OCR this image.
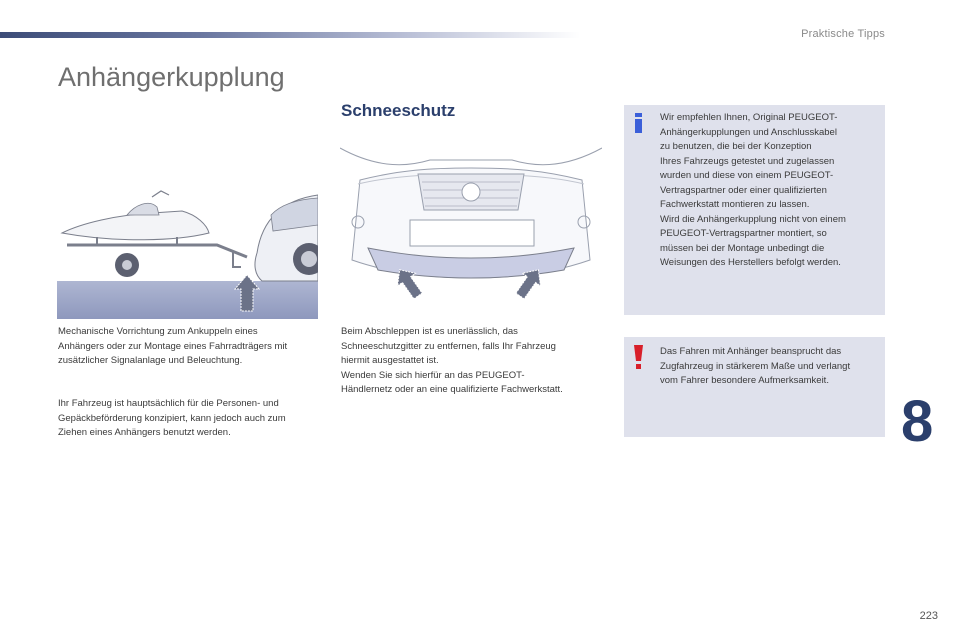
Praktische Tipps
Anhängerkupplung
Schneeschutz

Mechanische Vorrichtung zum Ankuppeln eines
Anhängers oder zur Montage eines Fahrradträgers mit
zusätzlicher Signalanlage und Beleuchtung.

Ihr Fahrzeug ist hauptsächlich für die Personen- und
Gepäckbeförderung konzipiert, kann jedoch auch zum
Ziehen eines Anhängers benutzt werden.

Beim Abschleppen ist es unerlässlich, das
Schneeschutzgitter zu entfernen, falls Ihr Fahrzeug
hiermit ausgestattet ist.
Wenden Sie sich hierfür an das PEUGEOT-
Händlernetz oder an eine qualifizierte Fachwerkstatt.

Wir empfehlen Ihnen, Original PEUGEOT-
Anhängerkupplungen und Anschlusskabel
zu benutzen, die bei der Konzeption
Ihres Fahrzeugs getestet und zugelassen
wurden und diese von einem PEUGEOT-
Vertragspartner oder einer qualifizierten
Fachwerkstatt montieren zu lassen.
Wird die Anhängerkupplung nicht von einem
PEUGEOT-Vertragspartner montiert, so
müssen bei der Montage unbedingt die
Weisungen des Herstellers befolgt werden.

Das Fahren mit Anhänger beansprucht das
Zugfahrzeug in stärkerem Maße und verlangt
vom Fahrer besondere Aufmerksamkeit.

8
223
